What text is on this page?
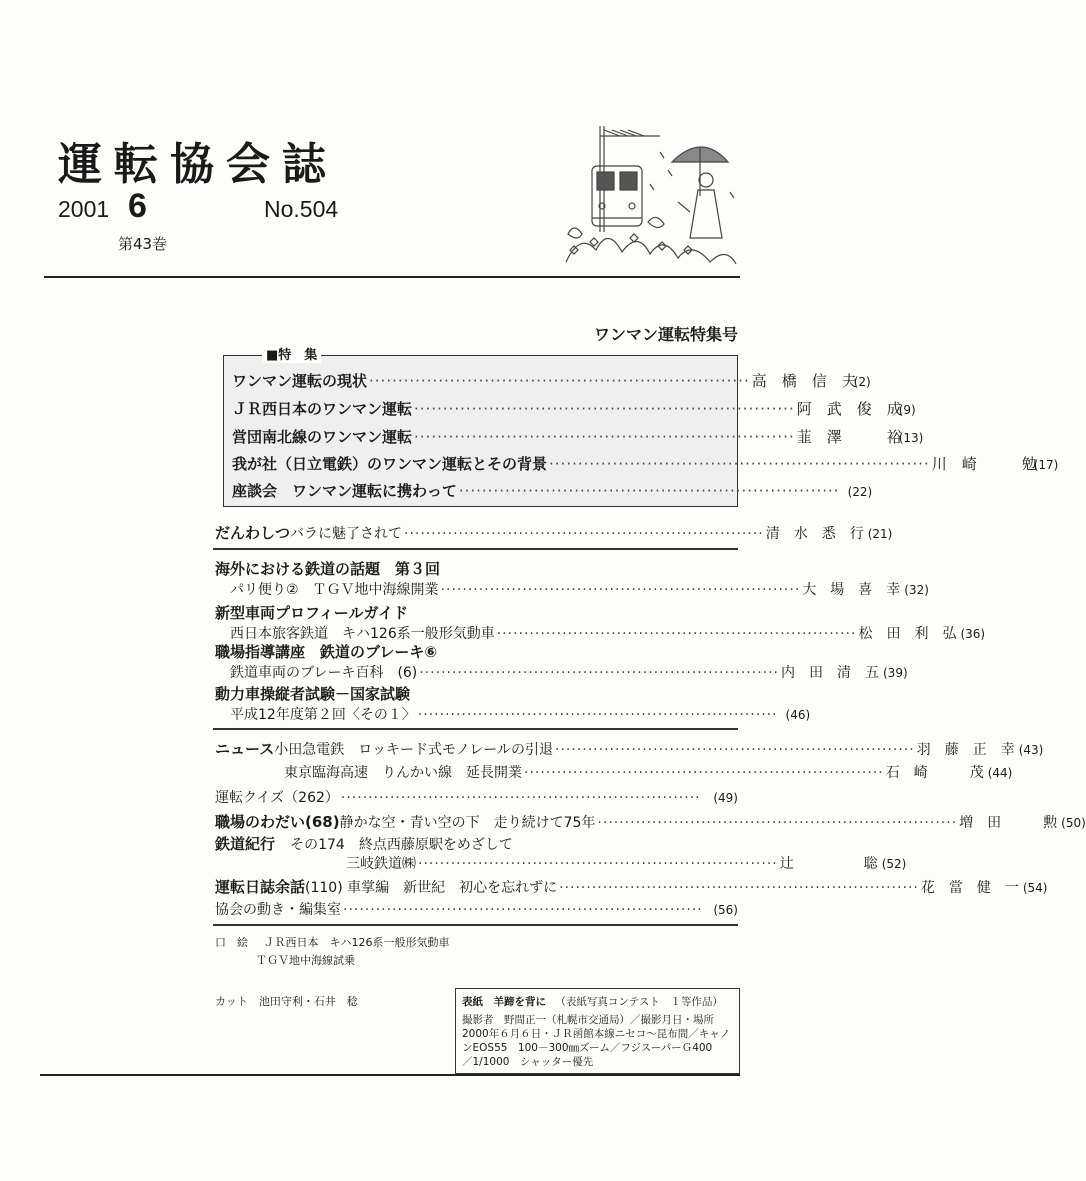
運転協会誌
2001 6
第43巻
No.504
ワンマン運転特集号
■特　集
ワンマン運転の現状 ·································································· 高　橋　信　夫
(2)
ＪＲ西日本のワンマン運転 ·································································· 阿　武　俊　成
(9)
営団南北線のワンマン運転 ·································································· 韮　澤　　　裕
(13)
我が社（日立電鉄）のワンマン運転とその背景 ·································································· 川　崎　　　勉
(17)
座談会　ワンマン運転に携わって ·································································· (22)
だんわしつ バラに魅了されて ·································································· 清　水　悉　行 (21)
海外における鉄道の話題　第３回
パリ便り②　ＴＧＶ地中海線開業 ·································································· 大　場　喜　幸 (32)
新型車両プロフィールガイド
西日本旅客鉄道　キハ126系一般形気動車 ·································································· 松　田　利　弘 (36)
職場指導講座　鉄道のブレーキ⑥
鉄道車両のブレーキ百科　(6) ·································································· 内　田　清　五 (39)
動力車操縦者試験－国家試験
平成12年度第２回〈その１〉 ·································································· (46)
ニュース 小田急電鉄　ロッキード式モノレールの引退 ·································································· 羽　藤　正　幸 (43)
東京臨海高速　りんかい線　延長開業 ·································································· 石　崎　　　茂 (44)
運転クイズ（262） ··································································	(49)
職場のわだい(68) 静かな空・青い空の下　走り続けて75年 ·································································· 増　田　　　勲 (50)
鉄道紀行 その174　終点西藤原駅をめざして
三岐鉄道㈱ ·································································· 辻　　　　　聡 (52)
運転日誌余話 (110) 車掌編　新世紀　初心を忘れずに ·································································· 花　當　健　一 (54)
協会の動き・編集室 ·································································· (56)
口　絵 ＪＲ西日本　キハ126系一般形気動車
ＴＧＶ地中海線試乗
カット　池田守利・石井　稔	表紙　羊蹄を背に （表紙写真コンテスト　１等作品）
撮影者　野間正一（札幌市交通局）／撮影月日・場所
2000年６月６日・ＪＲ函館本線ニセコ～昆布間／キャノ
ンEOS55　100－300㎜ズーム／フジスーパーＧ400
／1/1000　シャッター優先
